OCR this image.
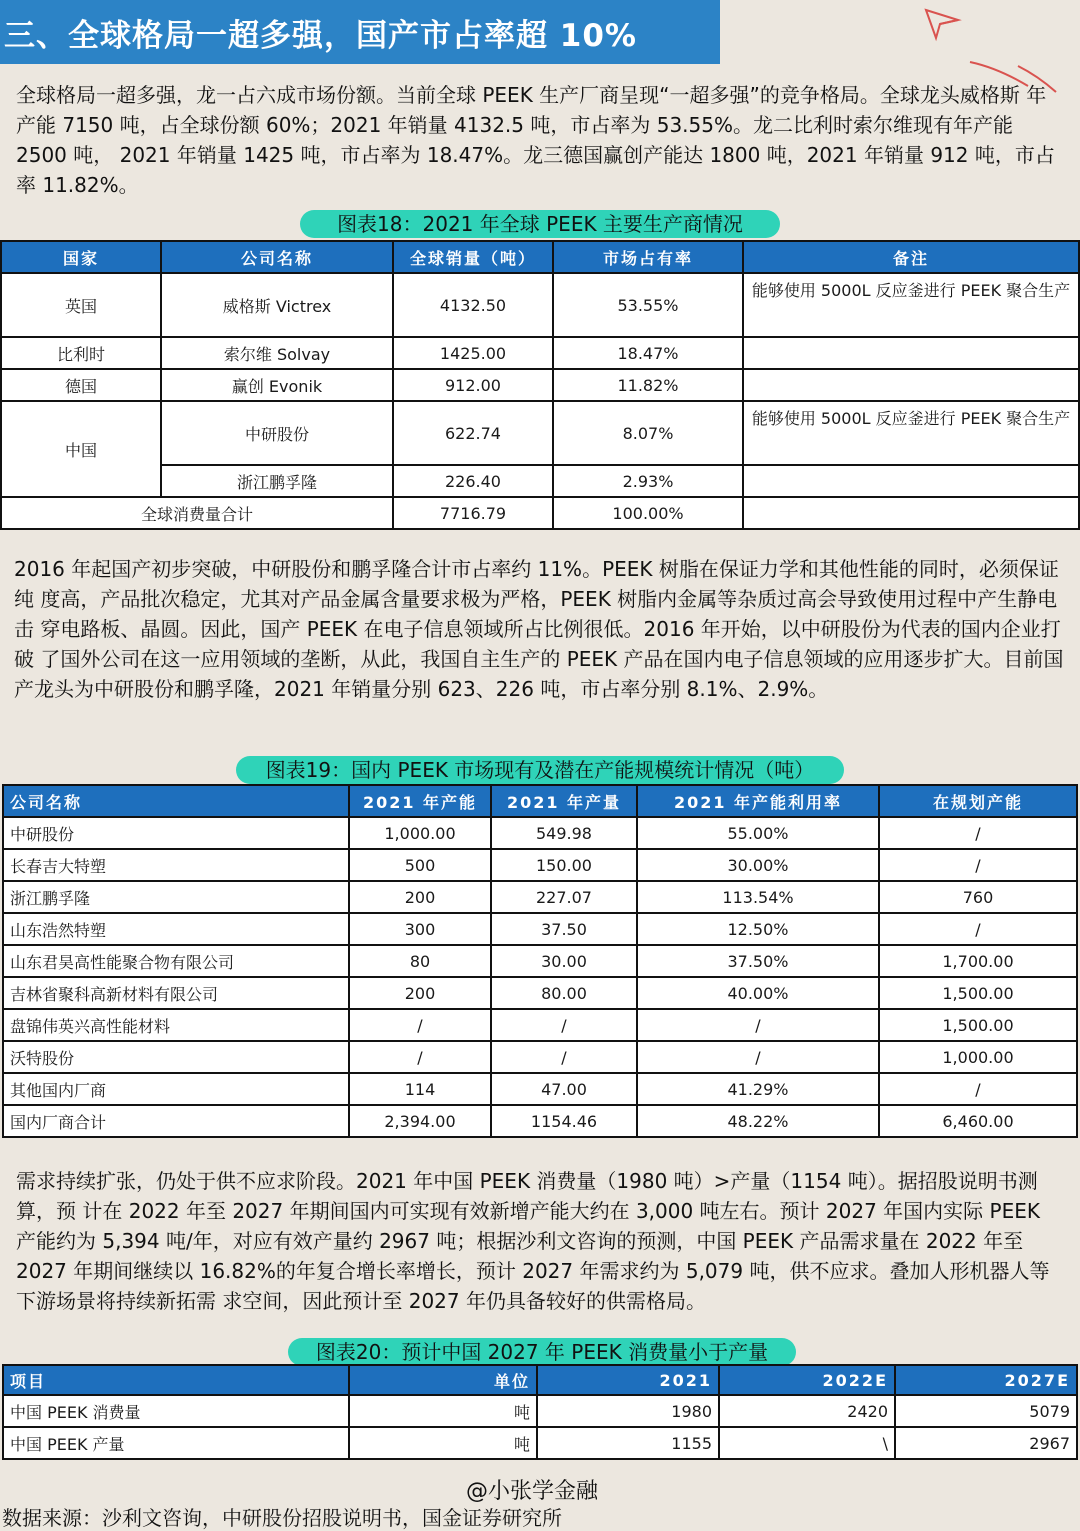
三、全球格局一超多强，国产市占率超 10%
全球格局一超多强，龙一占六成市场份额。当前全球 PEEK 生产厂商呈现“一超多强”的竞争格局。全球龙头威格斯 年产能 7150 吨，占全球份额 60%；2021 年销量 4132.5 吨，市占率为 53.55%。龙二比利时索尔维现有年产能 2500 吨， 2021 年销量 1425 吨，市占率为 18.47%。龙三德国赢创产能达 1800 吨，2021 年销量 912 吨，市占率 11.82%。
图表18：2021 年全球 PEEK 主要生产商情况
国家	公司名称	全球销量（吨）	市场占有率	备注
英国	威格斯 Victrex	4132.50	53.55%	能够使用 5000L 反应釜进行 PEEK 聚合生产
比利时	索尔维 Solvay	1425.00	18.47%	
德国	赢创 Evonik	912.00	11.82%	
中国	中研股份	622.74	8.07%	能够使用 5000L 反应釜进行 PEEK 聚合生产
	浙江鹏孚隆	226.40	2.93%	
全球消费量合计		7716.79	100.00%	
2016 年起国产初步突破，中研股份和鹏孚隆合计市占率约 11%。PEEK 树脂在保证力学和其他性能的同时，必须保证纯 度高，产品批次稳定，尤其对产品金属含量要求极为严格，PEEK 树脂内金属等杂质过高会导致使用过程中产生静电击 穿电路板、晶圆。因此，国产 PEEK 在电子信息领域所占比例很低。2016 年开始，以中研股份为代表的国内企业打破 了国外公司在这一应用领域的垄断，从此，我国自主生产的 PEEK 产品在国内电子信息领域的应用逐步扩大。目前国 产龙头为中研股份和鹏孚隆，2021 年销量分别 623、226 吨，市占率分别 8.1%、2.9%。
图表19：国内 PEEK 市场现有及潜在产能规模统计情况（吨）
公司名称	2021 年产能	2021 年产量	2021 年产能利用率	在规划产能
中研股份	1,000.00	549.98	55.00%	/
长春吉大特塑	500	150.00	30.00%	/
浙江鹏孚隆	200	227.07	113.54%	760
山东浩然特塑	300	37.50	12.50%	/
山东君昊高性能聚合物有限公司	80	30.00	37.50%	1,700.00
吉林省聚科高新材料有限公司	200	80.00	40.00%	1,500.00
盘锦伟英兴高性能材料	/	/	/	1,500.00
沃特股份	/	/	/	1,000.00
其他国内厂商	114	47.00	41.29%	/
国内厂商合计	2,394.00	1154.46	48.22%	6,460.00
需求持续扩张，仍处于供不应求阶段。2021 年中国 PEEK 消费量（1980 吨）>产量（1154 吨）。据招股说明书测算，预 计在 2022 年至 2027 年期间国内可实现有效新增产能大约在 3,000 吨左右。预计 2027 年国内实际 PEEK 产能约为 5,394 吨/年，对应有效产量约 2967 吨；根据沙利文咨询的预测，中国 PEEK 产品需求量在 2022 年至 2027 年期间继续以 16.82%的年复合增长率增长，预计 2027 年需求约为 5,079 吨，供不应求。叠加人形机器人等下游场景将持续新拓需 求空间，因此预计至 2027 年仍具备较好的供需格局。
图表20：预计中国 2027 年 PEEK 消费量小于产量
项目	单位	2021	2022E	2027E
中国 PEEK 消费量	吨	1980	2420	5079
中国 PEEK 产量	吨	1155	\	2967
@小张学金融
数据来源：沙利文咨询，中研股份招股说明书，国金证券研究所
